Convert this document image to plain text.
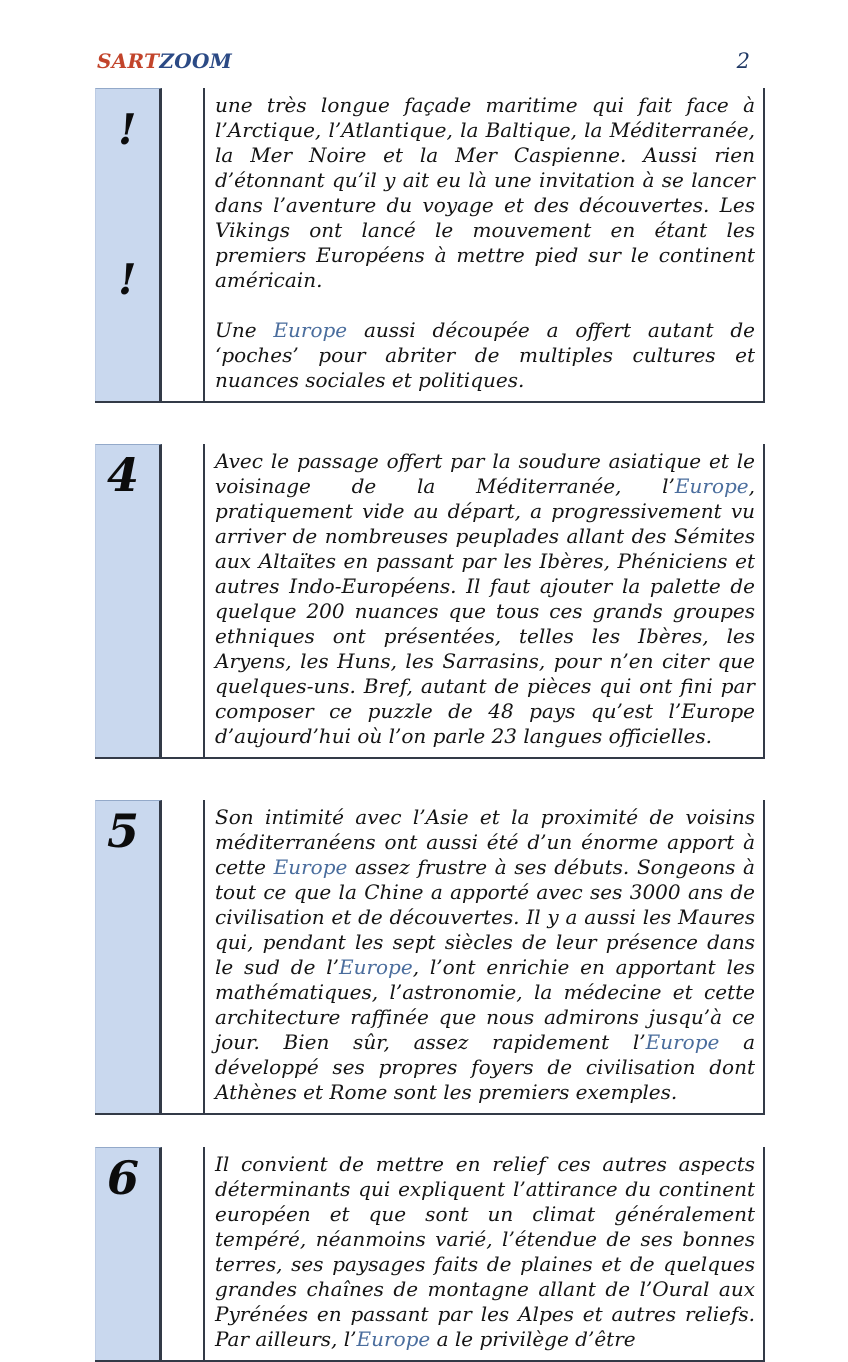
SARTZOOM	2
!
!

une très longue façade maritime qui fait face à l’Arctique, l’Atlantique, la Baltique, la Méditerranée, la Mer Noire et la Mer Caspienne. Aussi rien d’étonnant qu’il y ait eu là une invitation à se lancer dans l’aventure du voyage et des découvertes. Les Vikings ont lancé le mouvement en étant les premiers Européens à mettre pied sur le continent américain.

Une Europe aussi découpée a offert autant de ‘poches’ pour abriter de multiples cultures et nuances sociales et politiques.

4	Avec le passage offert par la soudure asiatique et le voisinage de la Méditerranée, l’Europe, pratiquement vide au départ, a progressivement vu arriver de nombreuses peuplades allant des Sémites aux Altaïtes en passant par les Ibères, Phéniciens et autres Indo-Européens. Il faut ajouter la palette de quelque 200 nuances que tous ces grands groupes ethniques ont présentées, telles les Ibères, les Aryens, les Huns, les Sarrasins, pour n’en citer que quelques-uns. Bref, autant de pièces qui ont fini par composer ce puzzle de 48 pays qu’est l’Europe d’aujourd’hui où l’on parle 23 langues officielles.

5	Son intimité avec l’Asie et la proximité de voisins méditerranéens ont aussi été d’un énorme apport à cette Europe assez frustre à ses débuts. Songeons à tout ce que la Chine a apporté avec ses 3000 ans de civilisation et de découvertes. Il y a aussi les Maures qui, pendant les sept siècles de leur présence dans le sud de l’Europe, l’ont enrichie en apportant les mathématiques, l’astronomie, la médecine et cette architecture raffinée que nous admirons jusqu’à ce jour. Bien sûr, assez rapidement l’Europe a développé ses propres foyers de civilisation dont Athènes et Rome sont les premiers exemples.

6	Il convient de mettre en relief ces autres aspects déterminants qui expliquent l’attirance du continent européen et que sont un climat généralement tempéré, néanmoins varié, l’étendue de ses bonnes terres, ses paysages faits de plaines et de quelques grandes chaînes de montagne allant de l’Oural aux Pyrénées en passant par les Alpes et autres reliefs. Par ailleurs, l’Europe a le privilège d’être
